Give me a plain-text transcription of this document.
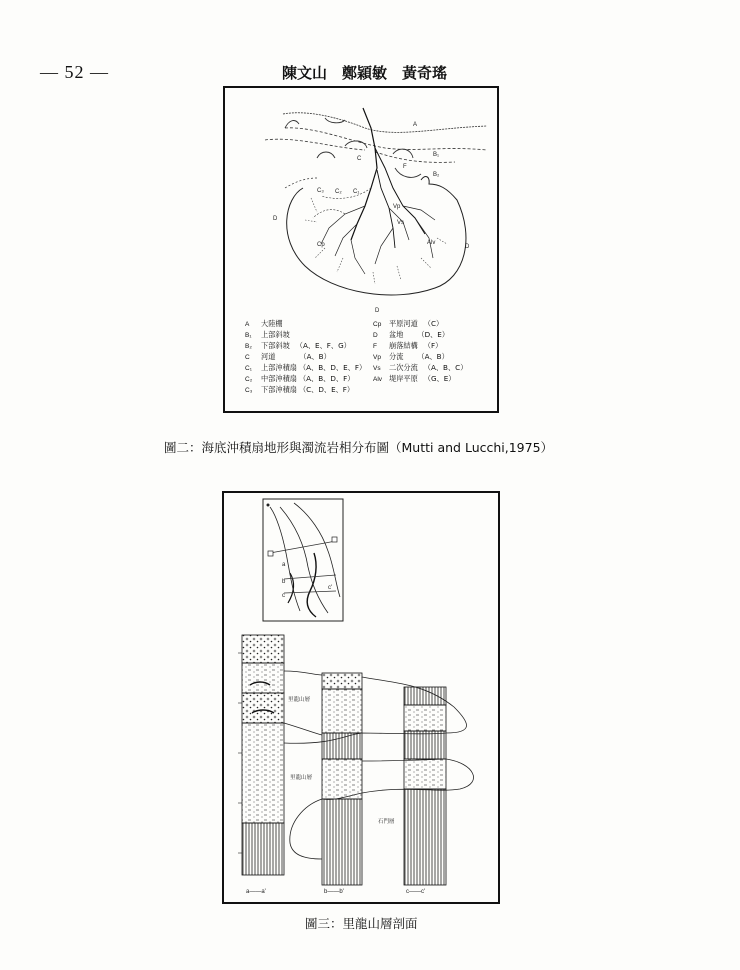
— 52 —	陳文山　鄭穎敏　黃奇瑤
A
B₁
B₂
C
F
C₁
C₂
C₃
Vp
Vs
Alv
Cp
D
D
D
A 大陸棚
B₁ 上部斜坡
B₂ 下部斜坡 （A、E、F、G）
C 河道	（A、B）
C₁ 上部沖積扇 （A、B、D、E、F）
C₂ 中部沖積扇 （A、B、D、F）
C₃ 下部沖積扇 （C、D、E、F）
Cp 平原河道 （C）
D 盆地 （D、E）
F 崩落結構 （F）
Vp 分流 （A、B）
Vs 二次分流 （A、B、C）
Alv 堤岸平原 （G、E）
圖二：海底沖積扇地形與濁流岩相分布圖（Mutti and Lucchi,1975）
a
b
c
c'
里龍山層
里龍山層
石門層
a——a'	b——b'	c——c'
圖三：里龍山層剖面
